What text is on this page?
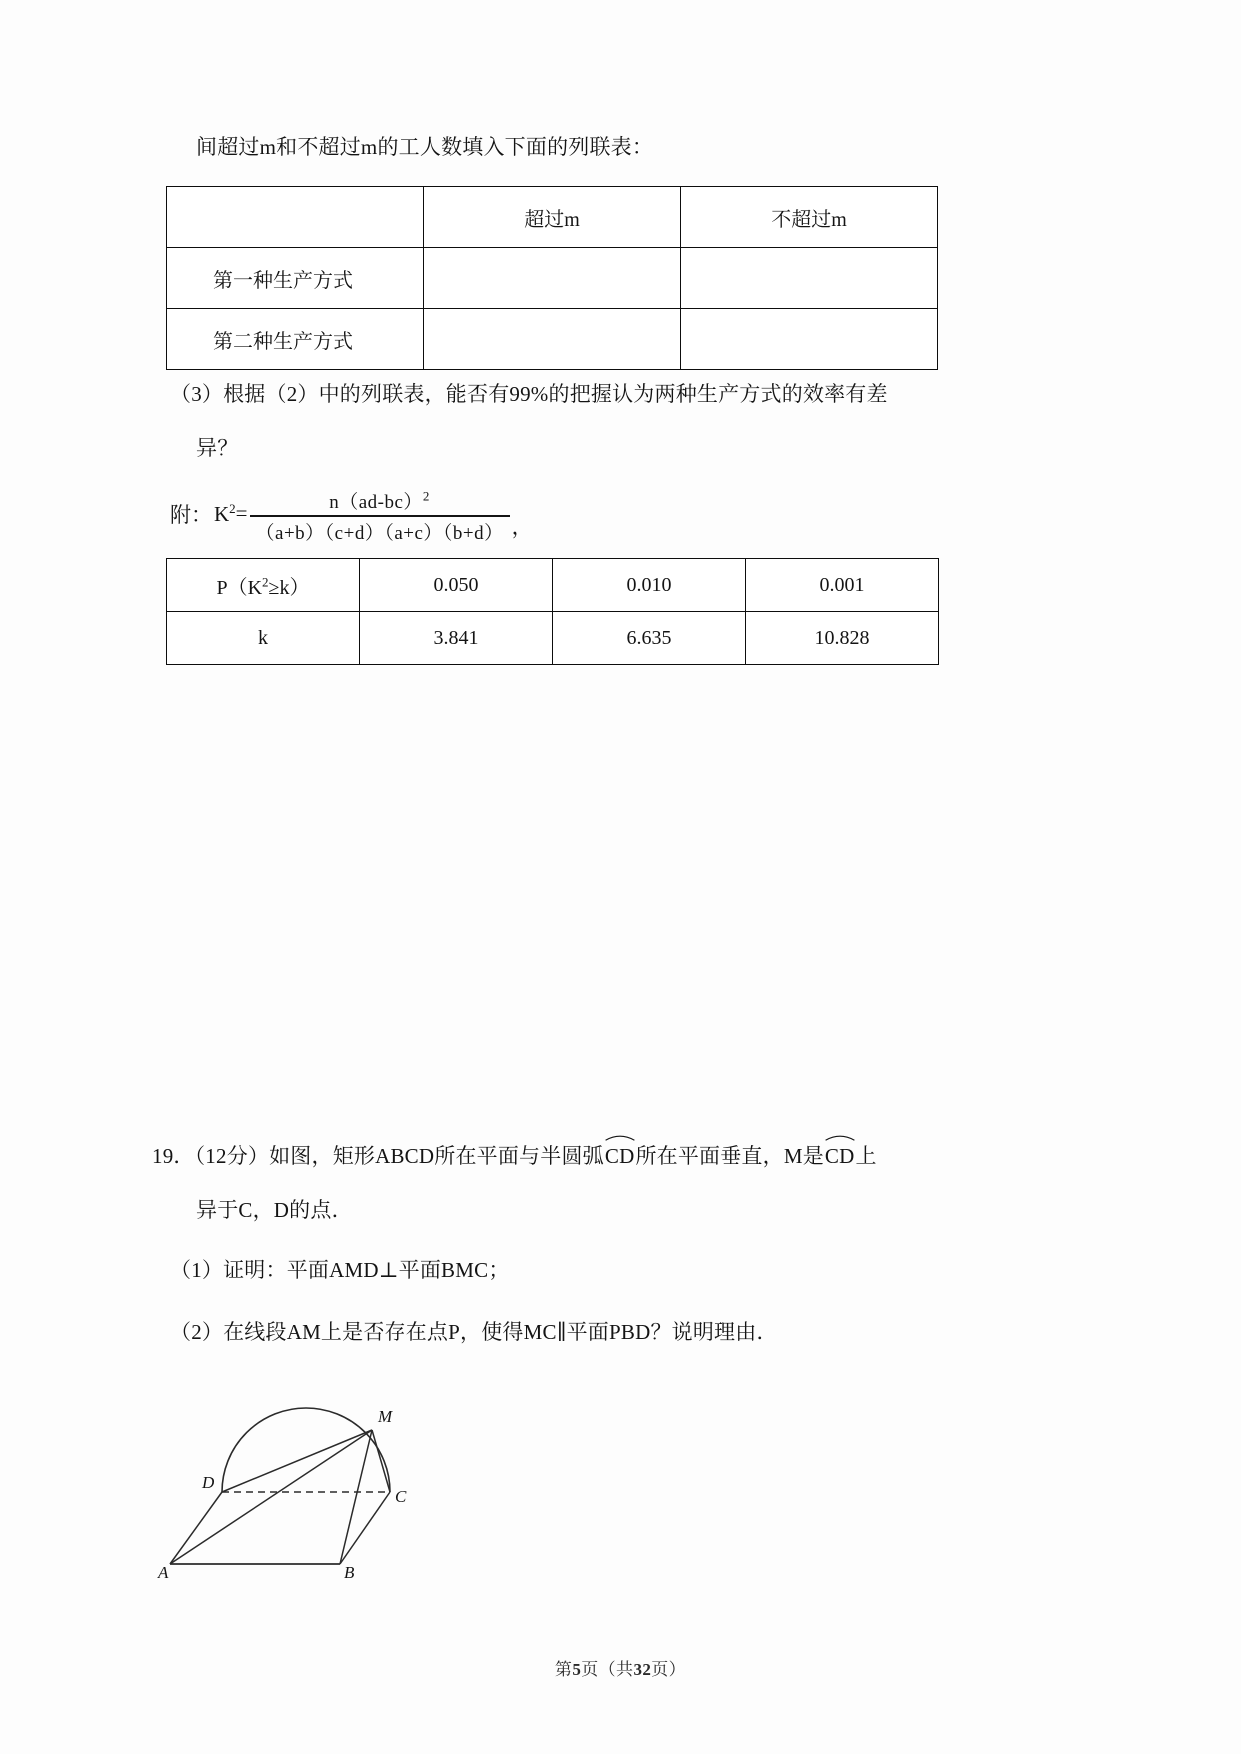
间超过m和不超过m的工人数填入下面的列联表：
	超过m	不超过m
第一种生产方式		
第二种生产方式		
（3）根据（2）中的列联表，能否有99%的把握认为两种生产方式的效率有差
异？
附： $K^2 = \frac{n(ad-bc)^2}{(a+b)(c+d)(a+c)(b+d)}$ ，
$P(K^2\ge k)$	0.050	0.010	0.001
k	3.841	6.635	10.828
19．（12分）如图，矩形ABCD所在平面与半圆弧
CD所在平面垂直，M是
CD上
异于C，D的点．
（1）证明：平面AMD⊥平面BMC；
（2）在线段AM上是否存在点P，使得MC∥平面PBD？说明理由．
A	B
C
D
M
第5页（共32页）
